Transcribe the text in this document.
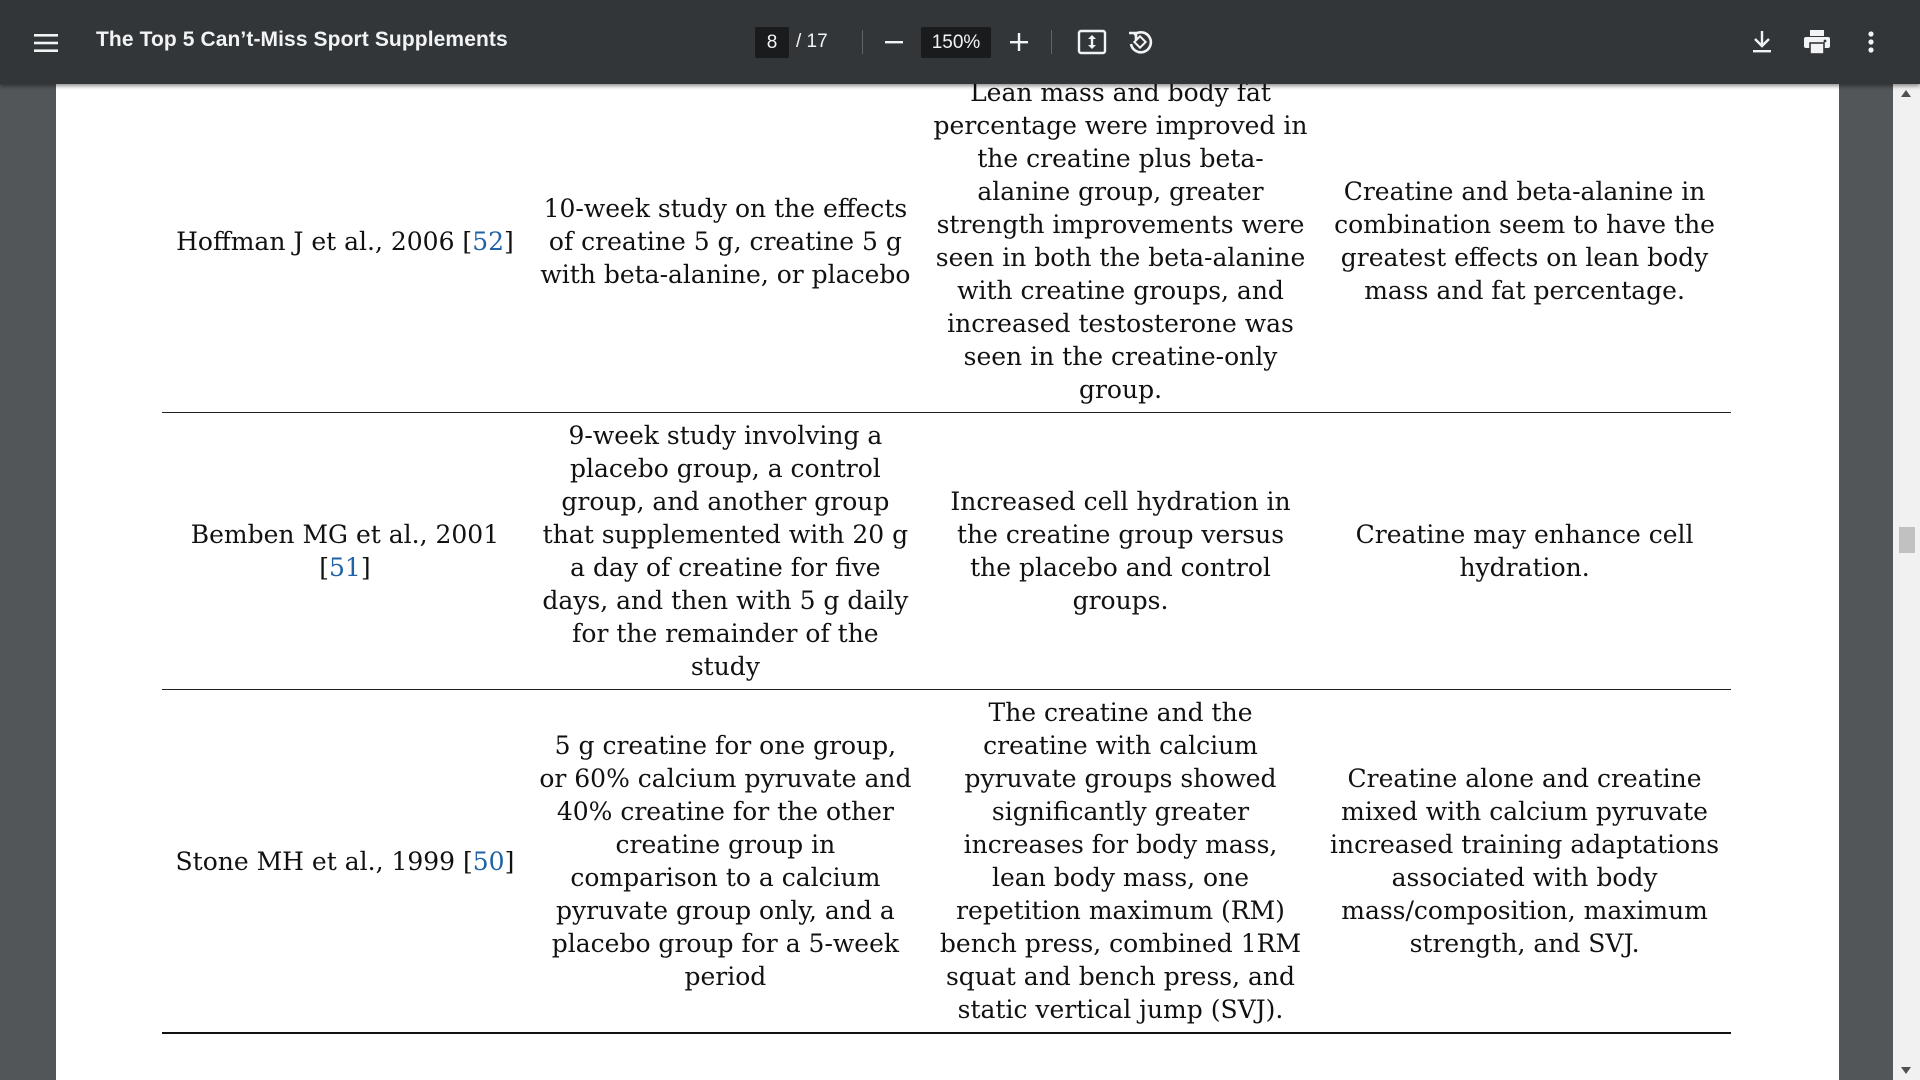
The Top 5 Can’t-Miss Sport Supplements	8 / 17	150%
Hoffman J et al., 2006 [52]	10-week study on the effects of creatine 5 g, creatine 5 g with beta-alanine, or placebo	Lean mass and body fat percentage were improved in the creatine plus beta-alanine group, greater strength improvements were seen in both the beta-alanine with creatine groups, and increased testosterone was seen in the creatine-only group.	Creatine and beta-alanine in combination seem to have the greatest effects on lean body mass and fat percentage.
Bemben MG et al., 2001 [51]	9-week study involving a placebo group, a control group, and another group that supplemented with 20 g a day of creatine for five days, and then with 5 g daily for the remainder of the study	Increased cell hydration in the creatine group versus the placebo and control groups.	Creatine may enhance cell hydration.
Stone MH et al., 1999 [50]	5 g creatine for one group, or 60% calcium pyruvate and 40% creatine for the other creatine group in comparison to a calcium pyruvate group only, and a placebo group for a 5-week period	The creatine and the creatine with calcium pyruvate groups showed significantly greater increases for body mass, lean body mass, one repetition maximum (RM) bench press, combined 1RM squat and bench press, and static vertical jump (SVJ).	Creatine alone and creatine mixed with calcium pyruvate increased training adaptations associated with body mass/composition, maximum strength, and SVJ.
